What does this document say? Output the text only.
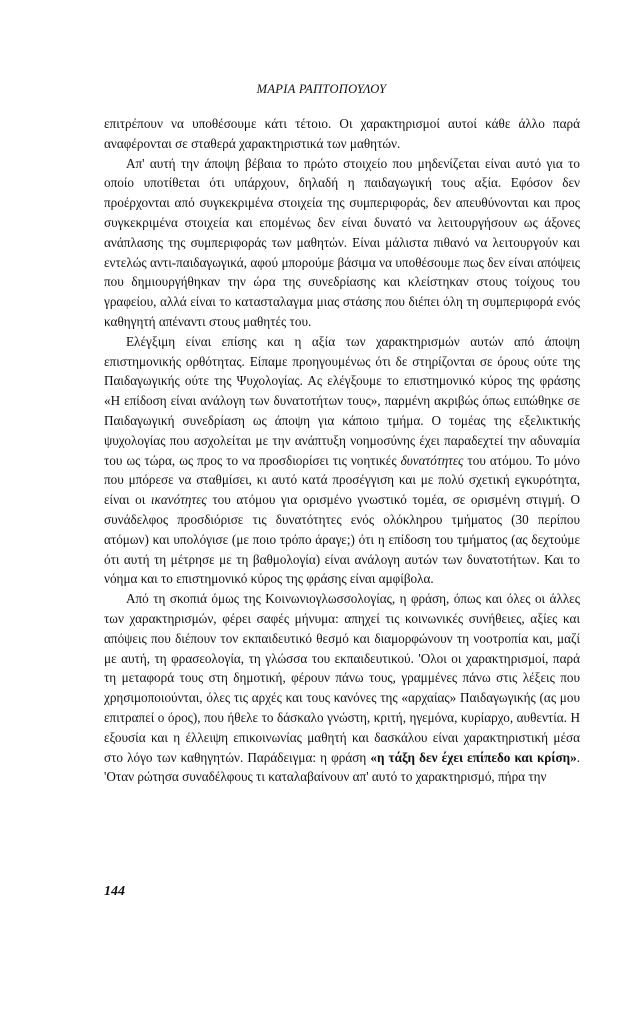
ΜΑΡΙΑ ΡΑΠΤΟΠΟΥΛΟΥ

επιτρέπουν να υποθέσουμε κάτι τέτοιο. Οι χαρακτηρισμοί αυτοί κάθε άλλο παρά αναφέρονται σε σταθερά χαρακτηριστικά των μαθητών.

Απ' αυτή την άποψη βέβαια το πρώτο στοιχείο που μηδενίζεται είναι αυτό για το οποίο υποτίθεται ότι υπάρχουν, δηλαδή η παιδαγωγική τους αξία. Εφόσον δεν προέρχονται από συγκεκριμένα στοιχεία της συμπεριφοράς, δεν απευθύνονται και προς συγκεκριμένα στοιχεία και επομένως δεν είναι δυνατό να λειτουργήσουν ως άξονες ανάπλασης της συμπεριφοράς των μαθητών. Είναι μάλιστα πιθανό να λειτουργούν και εντελώς αντι-παιδαγωγικά, αφού μπορούμε βάσιμα να υποθέσουμε πως δεν είναι απόψεις που δημιουργήθηκαν την ώρα της συνεδρίασης και κλείστηκαν στους τοίχους του γραφείου, αλλά είναι το κατασταλαγμα μιας στάσης που διέπει όλη τη συμπεριφορά ενός καθηγητή απέναντι στους μαθητές του.

Ελέγξιμη είναι επίσης και η αξία των χαρακτηρισμών αυτών από άποψη επιστημονικής ορθότητας. Είπαμε προηγουμένως ότι δε στηρίζονται σε όρους ούτε της Παιδαγωγικής ούτε της Ψυχολογίας. Ας ελέγξουμε το επιστημονικό κύρος της φράσης «Η επίδοση είναι ανάλογη των δυνατοτήτων τους», παρμένη ακριβώς όπως ειπώθηκε σε Παιδαγωγική συνεδρίαση ως άποψη για κάποιο τμήμα. Ο τομέας της εξελικτικής ψυχολογίας που ασχολείται με την ανάπτυξη νοημοσύνης έχει παραδεχτεί την αδυναμία του ως τώρα, ως προς το να προσδιορίσει τις νοητικές δυνατότητες του ατόμου. Το μόνο που μπόρεσε να σταθμίσει, κι αυτό κατά προσέγγιση και με πολύ σχετική εγκυρότητα, είναι οι ικανότητες του ατόμου για ορισμένο γνωστικό τομέα, σε ορισμένη στιγμή. Ο συνάδελφος προσδιόρισε τις δυνατότητες ενός ολόκληρου τμήματος (30 περίπου ατόμων) και υπολόγισε (με ποιο τρόπο άραγε;) ότι η επίδοση του τμήματος (ας δεχτούμε ότι αυτή τη μέτρησε με τη βαθμολογία) είναι ανάλογη αυτών των δυνατοτήτων. Και το νόημα και το επιστημονικό κύρος της φράσης είναι αμφίβολα.

Από τη σκοπιά όμως της Κοινωνιογλωσσολογίας, η φράση, όπως και όλες οι άλλες των χαρακτηρισμών, φέρει σαφές μήνυμα: απηχεί τις κοινωνικές συνήθειες, αξίες και απόψεις που διέπουν τον εκπαιδευτικό θεσμό και διαμορφώνουν τη νοοτροπία και, μαζί με αυτή, τη φρασεολογία, τη γλώσσα του εκπαιδευτικού. 'Ολοι οι χαρακτηρισμοί, παρά τη μεταφορά τους στη δημοτική, φέρουν πάνω τους, γραμμένες πάνω στις λέξεις που χρησιμοποιούνται, όλες τις αρχές και τους κανόνες της «αρχαίας» Παιδαγωγικής (ας μου επιτραπεί ο όρος), που ήθελε το δάσκαλο γνώστη, κριτή, ηγεμόνα, κυρίαρχο, αυθεντία. Η εξουσία και η έλλειψη επικοινωνίας μαθητή και δασκάλου είναι χαρακτηριστική μέσα στο λόγο των καθηγητών. Παράδειγμα: η φράση «η τάξη δεν έχει επίπεδο και κρίση». 'Οταν ρώτησα συναδέλφους τι καταλαβαίνουν απ' αυτό το χαρακτηρισμό, πήρα την

144
